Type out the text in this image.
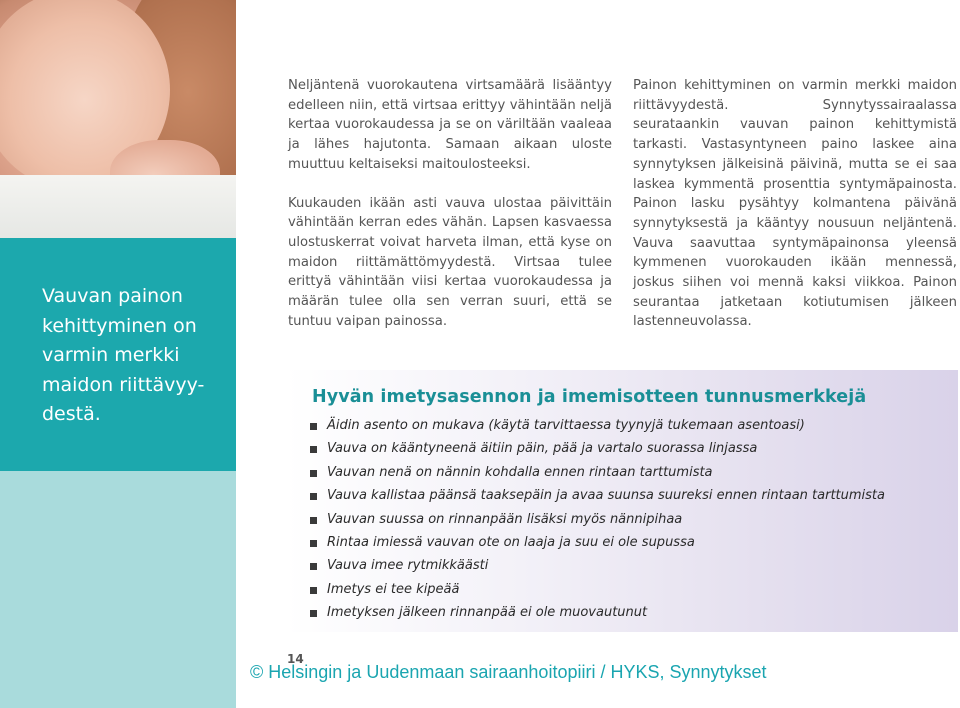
Vauvan painon kehittyminen on varmin merkki maidon riittävyy-destä.

Neljäntenä vuorokautena virtsamäärä lisääntyy edelleen niin, että virtsaa erittyy vähintään neljä kertaa vuorokaudessa ja se on väriltään vaaleaa ja lähes hajutonta. Samaan aikaan uloste muuttuu keltaiseksi maitoulosteeksi.

Kuukauden ikään asti vauva ulostaa päivittäin vähintään kerran edes vähän. Lapsen kasvaessa ulostuskerrat voivat harveta ilman, että kyse on maidon riittämättömyydestä. Virtsaa tulee erittyä vähintään viisi kertaa vuorokaudessa ja määrän tulee olla sen verran suuri, että se tuntuu vaipan painossa.

Painon kehittyminen on varmin merkki maidon riittävyydestä. Synnytyssairaalassa seurataankin vauvan painon kehittymistä tarkasti. Vastasyntyneen paino laskee aina synnytyksen jälkeisinä päivinä, mutta se ei saa laskea kymmentä prosenttia syntymäpainosta. Painon lasku pysähtyy kolmantena päivänä synnytyksestä ja kääntyy nousuun neljäntenä. Vauva saavuttaa syntymäpainonsa yleensä kymmenen vuorokauden ikään mennessä, joskus siihen voi mennä kaksi viikkoa. Painon seurantaa jatketaan kotiutumisen jälkeen lastenneuvolassa.

Hyvän imetysasennon ja imemisotteen tunnusmerkkejä
Äidin asento on mukava (käytä tarvittaessa tyynyjä tukemaan asentoasi)
Vauva on kääntyneenä äitiin päin, pää ja vartalo suorassa linjassa
Vauvan nenä on nännin kohdalla ennen rintaan tarttumista
Vauva kallistaa päänsä taaksepäin ja avaa suunsa suureksi ennen rintaan tarttumista
Vauvan suussa on rinnanpään lisäksi myös nännipihaa
Rintaa imiessä vauvan ote on laaja ja suu ei ole supussa
Vauva imee rytmikkäästi
Imetys ei tee kipeää
Imetyksen jälkeen rinnanpää ei ole muovautunut
14
© Helsingin ja Uudenmaan sairaanhoitopiiri / HYKS, Synnytykset
